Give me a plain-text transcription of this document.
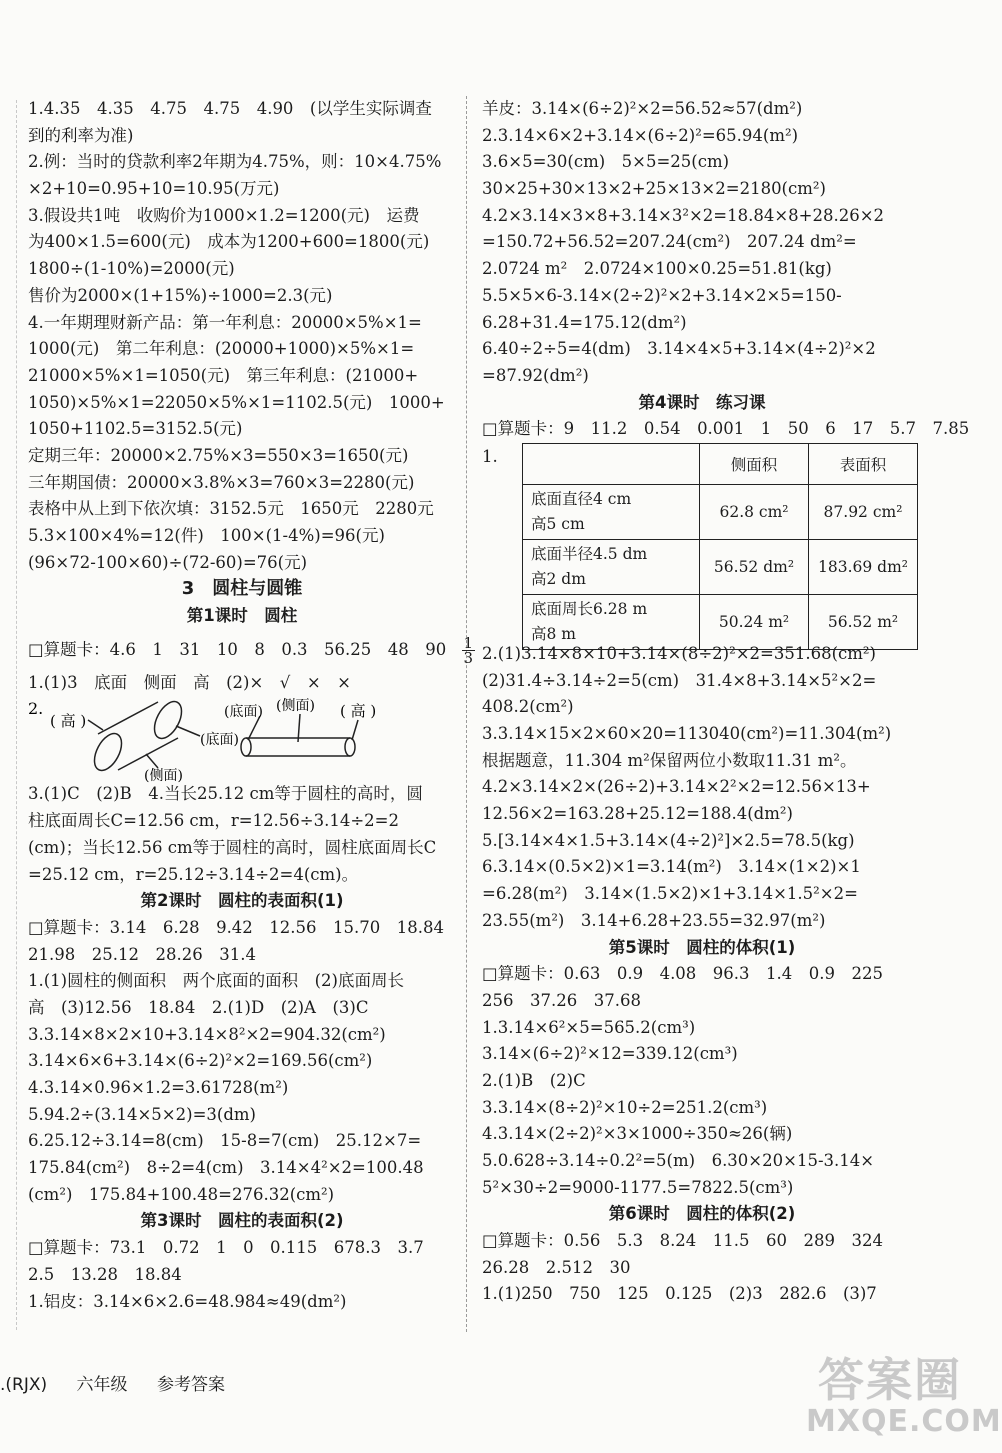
1.4.35　4.35　4.75　4.75　4.90　(以学生实际调查
到的利率为准)
2.例：当时的贷款利率2年期为4.75%，则：10×4.75%
×2+10=0.95+10=10.95(万元)
3.假设共1吨　收购价为1000×1.2=1200(元)　运费
为400×1.5=600(元)　成本为1200+600=1800(元)
1800÷(1-10%)=2000(元)
售价为2000×(1+15%)÷1000=2.3(元)
4.一年期理财新产品：第一年利息：20000×5%×1=
1000(元)　第二年利息：(20000+1000)×5%×1=
21000×5%×1=1050(元)　第三年利息：(21000+
1050)×5%×1=22050×5%×1=1102.5(元)　1000+
1050+1102.5=3152.5(元)
定期三年：20000×2.75%×3=550×3=1650(元)
三年期国债：20000×3.8%×3=760×3=2280(元)
表格中从上到下依次填：3152.5元　1650元　2280元
5.3×100×4%=12(件)　100×(1-4%)=96(元)
(96×72-100×60)÷(72-60)=76(元)
3　圆柱与圆锥
第1课时　圆柱
□算题卡：4.6　1　31　10　8　0.3　56.25　48　$90 \frac{1}{3}$
1.(1)3　底面　侧面　高　(2)×　√　×　×
2.
( 高 )
(底面)
(侧面)
(底面) (侧面) ( 高 )
3.(1)C　(2)B　4.当长25.12 cm等于圆柱的高时，圆
柱底面周长C=12.56 cm，r=12.56÷3.14÷2=2
(cm)；当长12.56 cm等于圆柱的高时，圆柱底面周长C
=25.12 cm，r=25.12÷3.14÷2=4(cm)。
第2课时　圆柱的表面积(1)
□算题卡：3.14　6.28　9.42　12.56　15.70　18.84
21.98　25.12　28.26　31.4
1.(1)圆柱的侧面积　两个底面的面积　(2)底面周长
高　(3)12.56　18.84　2.(1)D　(2)A　(3)C
3.3.14×8×2×10+3.14×8²×2=904.32(cm²)
3.14×6×6+3.14×(6÷2)²×2=169.56(cm²)
4.3.14×0.96×1.2=3.61728(m²)
5.94.2÷(3.14×5×2)=3(dm)
6.25.12÷3.14=8(cm)　15-8=7(cm)　25.12×7=
175.84(cm²)　8÷2=4(cm)　3.14×4²×2=100.48
(cm²)　175.84+100.48=276.32(cm²)
第3课时　圆柱的表面积(2)
□算题卡：73.1　0.72　1　0　0.115　678.3　3.7
2.5　13.28　18.84
1.铝皮：3.14×6×2.6=48.984≈49(dm²)
羊皮：3.14×(6÷2)²×2=56.52≈57(dm²)
2.3.14×6×2+3.14×(6÷2)²=65.94(m²)
3.6×5=30(cm)　5×5=25(cm)
30×25+30×13×2+25×13×2=2180(cm²)
4.2×3.14×3×8+3.14×3²×2=18.84×8+28.26×2
=150.72+56.52=207.24(cm²)　207.24 dm²=
2.0724 m²　2.0724×100×0.25=51.81(kg)
5.5×5×6-3.14×(2÷2)²×2+3.14×2×5=150-
6.28+31.4=175.12(dm²)
6.40÷2÷5=4(dm)　3.14×4×5+3.14×(4÷2)²×2
=87.92(dm²)
第4课时　练习课
□算题卡：9　11.2　0.54　0.001　1　50　6　17　5.7　7.85
1.
		侧面积	表面积

底面直径4 cm
高5 cm	62.8 cm²	87.92 cm²

底面半径4.5 dm
高2 dm	56.52 dm²	183.69 dm²

底面周长6.28 m
高8 m	50.24 m²	56.52 m²
2.(1)3.14×8×10+3.14×(8÷2)²×2=351.68(cm²)
(2)31.4÷3.14÷2=5(cm)　31.4×8+3.14×5²×2=
408.2(cm²)
3.3.14×15×2×60×20=113040(cm²)=11.304(m²)
根据题意，11.304 m²保留两位小数取11.31 m²。
4.2×3.14×2×(26÷2)+3.14×2²×2=12.56×13+
12.56×2=163.28+25.12=188.4(dm²)
5.[3.14×4×1.5+3.14×(4÷2)²]×2.5=78.5(kg)
6.3.14×(0.5×2)×1=3.14(m²)　3.14×(1×2)×1
=6.28(m²)　3.14×(1.5×2)×1+3.14×1.5²×2=
23.55(m²)　3.14+6.28+23.55=32.97(m²)
第5课时　圆柱的体积(1)
□算题卡：0.63　0.9　4.08　96.3　1.4　0.9　225
256　37.26　37.68
1.3.14×6²×5=565.2(cm³)
3.14×(6÷2)²×12=339.12(cm³)
2.(1)B　(2)C
3.3.14×(8÷2)²×10÷2=251.2(cm³)
4.3.14×(2÷2)²×3×1000÷350≈26(辆)
5.0.628÷3.14÷0.2²=5(m)　6.30×20×15-3.14×
5²×30÷2=9000-1177.5=7822.5(cm³)
第6课时　圆柱的体积(2)
□算题卡：0.56　5.3　8.24　11.5　60　289　324
26.28　2.512　30
1.(1)250　750　125　0.125　(2)3　282.6　(3)7
.(RJX) 六年级 参考答案	答案圈
MXQE.COM
